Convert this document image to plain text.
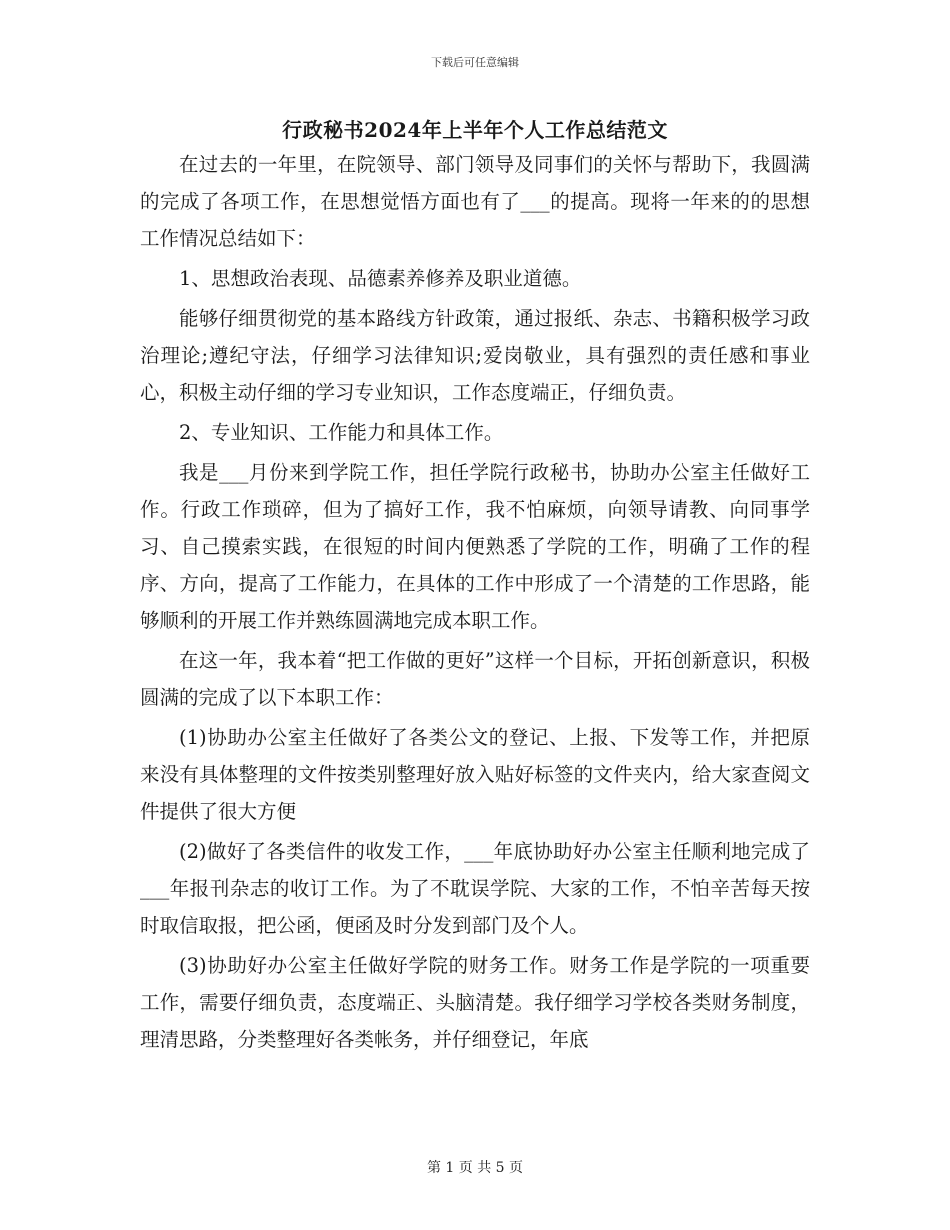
下载后可任意编辑
行政秘书2024年上半年个人工作总结范文

在过去的一年里，在院领导、部门领导及同事们的关怀与帮助下，我圆满的完成了各项工作，在思想觉悟方面也有了___的提高。现将一年来的的思想工作情况总结如下：

1、思想政治表现、品德素养修养及职业道德。

能够仔细贯彻党的基本路线方针政策，通过报纸、杂志、书籍积极学习政治理论;遵纪守法，仔细学习法律知识;爱岗敬业，具有强烈的责任感和事业心，积极主动仔细的学习专业知识，工作态度端正，仔细负责。

2、专业知识、工作能力和具体工作。

我是___月份来到学院工作，担任学院行政秘书，协助办公室主任做好工作。行政工作琐碎，但为了搞好工作，我不怕麻烦，向领导请教、向同事学习、自己摸索实践，在很短的时间内便熟悉了学院的工作，明确了工作的程序、方向，提高了工作能力，在具体的工作中形成了一个清楚的工作思路，能够顺利的开展工作并熟练圆满地完成本职工作。

在这一年，我本着“把工作做的更好”这样一个目标，开拓创新意识，积极圆满的完成了以下本职工作：

(1)协助办公室主任做好了各类公文的登记、上报、下发等工作，并把原来没有具体整理的文件按类别整理好放入贴好标签的文件夹内，给大家查阅文件提供了很大方便

(2)做好了各类信件的收发工作，___年底协助好办公室主任顺利地完成了___年报刊杂志的收订工作。为了不耽误学院、大家的工作，不怕辛苦每天按时取信取报，把公函，便函及时分发到部门及个人。

(3)协助好办公室主任做好学院的财务工作。财务工作是学院的一项重要工作，需要仔细负责，态度端正、头脑清楚。我仔细学习学校各类财务制度，理清思路，分类整理好各类帐务，并仔细登记，年底

第 1 页 共 5 页
